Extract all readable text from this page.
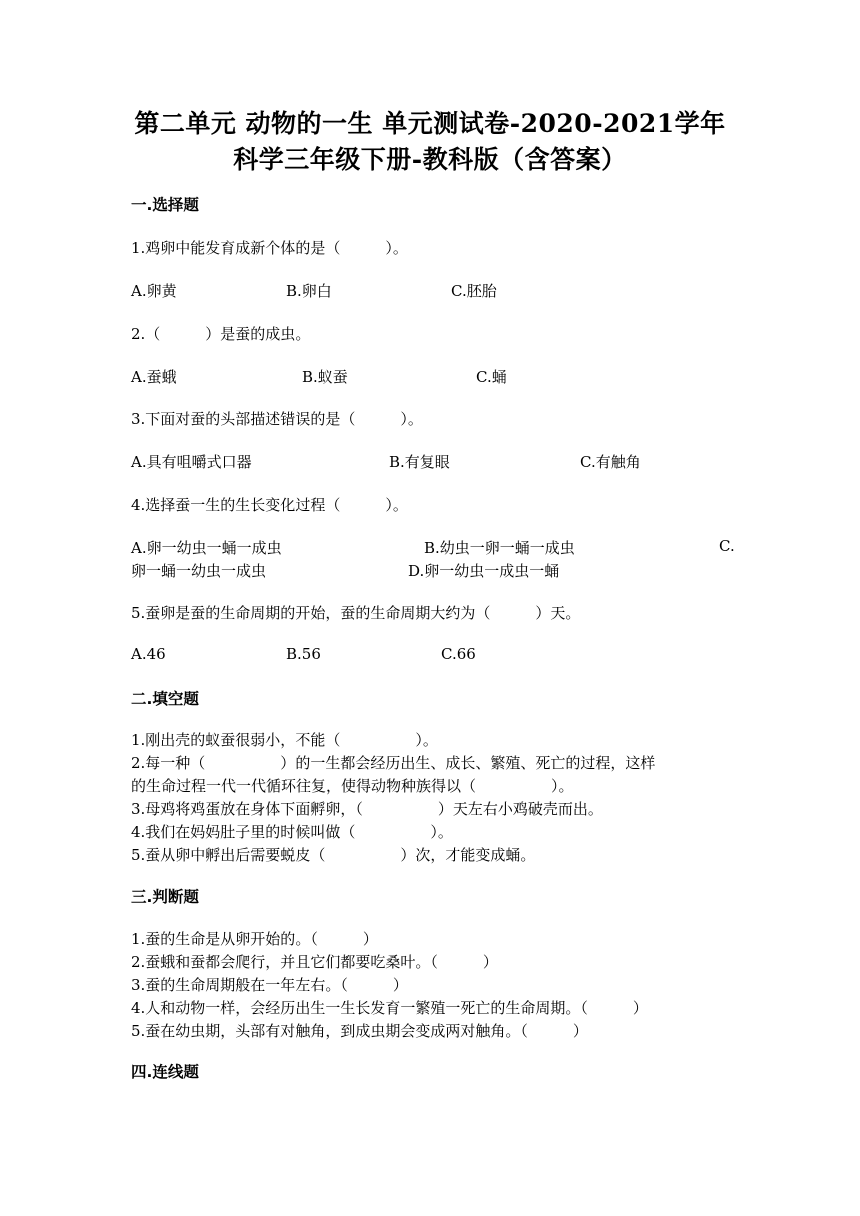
第二单元 动物的一生 单元测试卷-2020-2021学年
科学三年级下册-教科版（含答案）
一.选择题
1.鸡卵中能发育成新个体的是（　　　）。
A.卵黄	B.卵白	C.胚胎
2.（　　　）是蚕的成虫。
A.蚕蛾	B.蚁蚕	C.蛹
3.下面对蚕的头部描述错误的是（　　　）。
A.具有咀嚼式口器	B.有复眼	C.有触角
4.选择蚕一生的生长变化过程（　　　）。
A.卵一幼虫一蛹一成虫	B.幼虫一卵一蛹一成虫	C.
卵一蛹一幼虫一成虫	D.卵一幼虫一成虫一蛹
5.蚕卵是蚕的生命周期的开始，蚕的生命周期大约为（　　　）天。
A.46	B.56	C.66
二.填空题
1.刚出壳的蚁蚕很弱小，不能（　　　　　）。
2.每一种（　　　　　）的一生都会经历出生、成长、繁殖、死亡的过程，这样
的生命过程一代一代循环往复，使得动物种族得以（　　　　　）。
3.母鸡将鸡蛋放在身体下面孵卵，（　　　　　）天左右小鸡破壳而出。
4.我们在妈妈肚子里的时候叫做（　　　　　）。
5.蚕从卵中孵出后需要蜕皮（　　　　　）次，才能变成蛹。
三.判断题
1.蚕的生命是从卵开始的。（　　　）
2.蚕蛾和蚕都会爬行，并且它们都要吃桑叶。（　　　）
3.蚕的生命周期般在一年左右。（　　　）
4.人和动物一样，会经历出生一生长发育一繁殖一死亡的生命周期。（　　　）
5.蚕在幼虫期，头部有对触角，到成虫期会变成两对触角。（　　　）
四.连线题
